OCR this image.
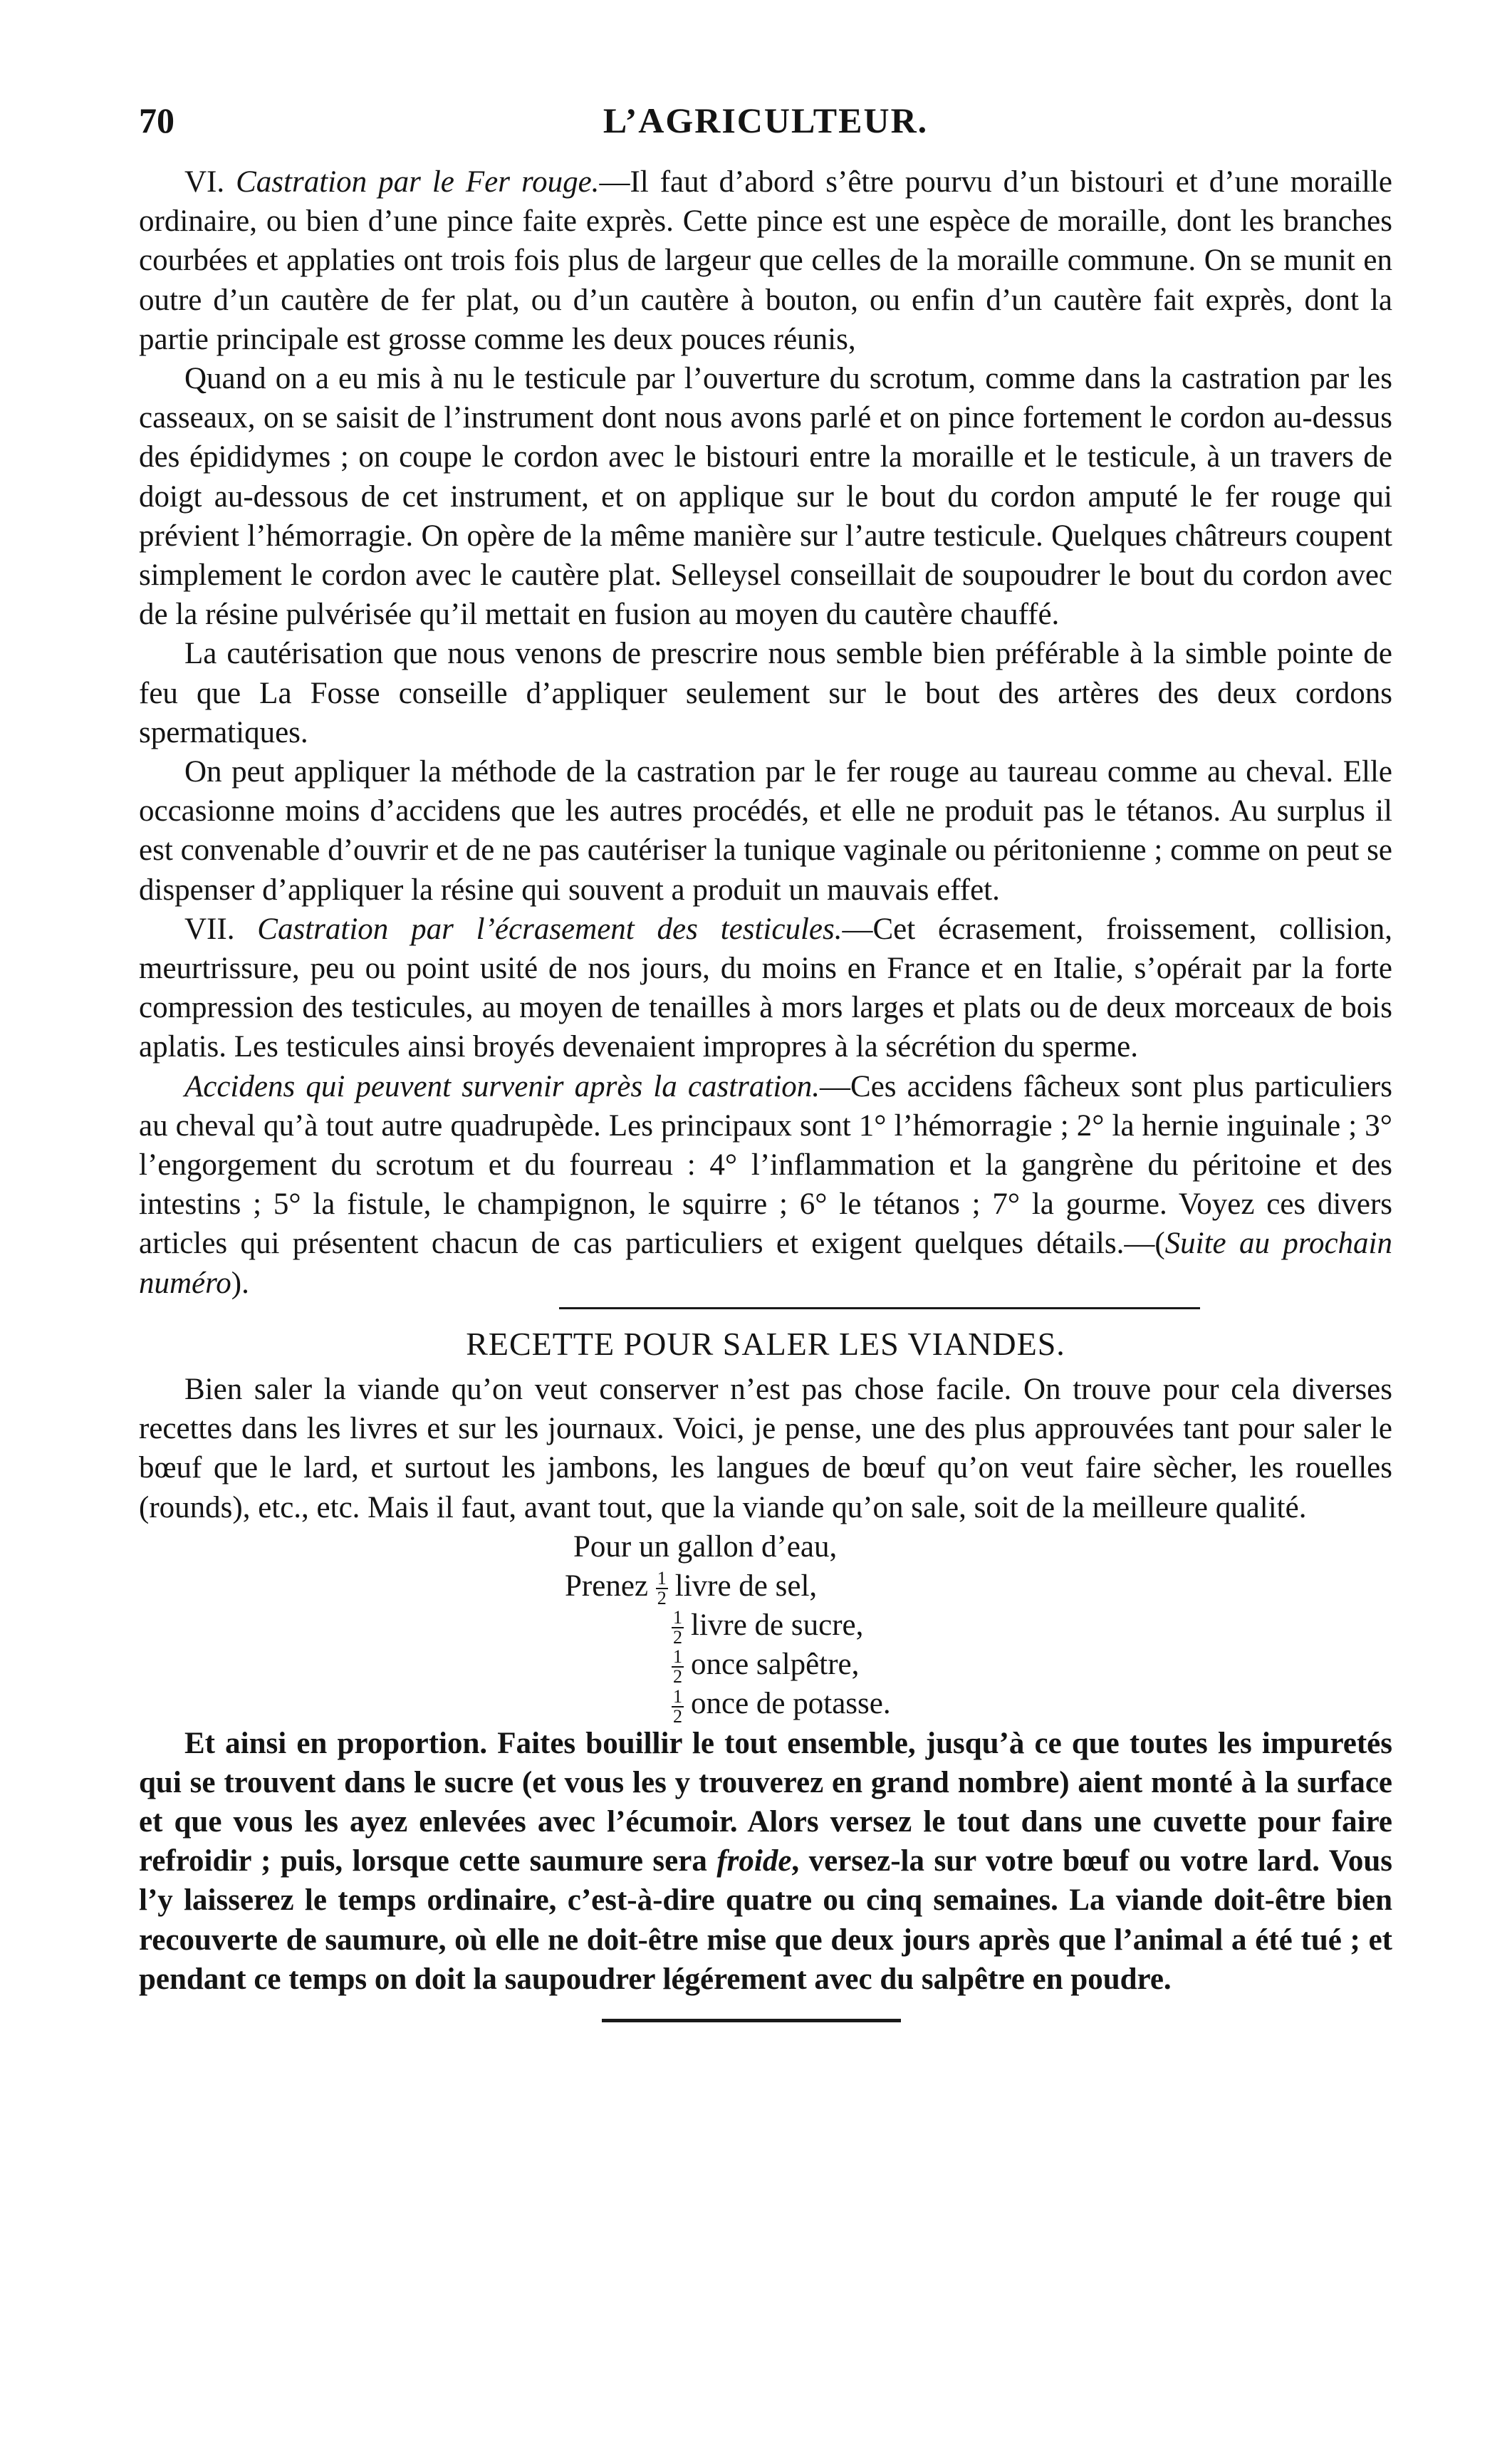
70	L’AGRICULTEUR.

VI. Castration par le Fer rouge.—Il faut d’abord s’être pourvu d’un bistouri et d’une moraille ordinaire, ou bien d’une pince faite exprès. Cette pince est une espèce de moraille, dont les branches courbées et applaties ont trois fois plus de largeur que celles de la moraille commune. On se munit en outre d’un cautère de fer plat, ou d’un cautère à bouton, ou enfin d’un cautère fait exprès, dont la partie principale est grosse comme les deux pouces réunis,

Quand on a eu mis à nu le testicule par l’ouverture du scrotum, comme dans la castration par les casseaux, on se saisit de l’instrument dont nous avons parlé et on pince fortement le cordon au-dessus des épididymes ; on coupe le cordon avec le bistouri entre la moraille et le testicule, à un travers de doigt au-dessous de cet instrument, et on applique sur le bout du cordon amputé le fer rouge qui prévient l’hémorragie. On opère de la même manière sur l’autre testicule. Quelques châtreurs coupent simplement le cordon avec le cautère plat. Selleysel conseillait de soupoudrer le bout du cordon avec de la résine pulvérisée qu’il mettait en fusion au moyen du cautère chauffé.

La cautérisation que nous venons de prescrire nous semble bien préférable à la simble pointe de feu que La Fosse conseille d’appliquer seulement sur le bout des artères des deux cordons spermatiques.

On peut appliquer la méthode de la castration par le fer rouge au taureau comme au cheval. Elle occasionne moins d’accidens que les autres procédés, et elle ne produit pas le tétanos. Au surplus il est convenable d’ouvrir et de ne pas cautériser la tunique vaginale ou péritonienne ; comme on peut se dispenser d’appliquer la résine qui souvent a produit un mauvais effet.

VII. Castration par l’écrasement des testicules.—Cet écrasement, froissement, collision, meurtrissure, peu ou point usité de nos jours, du moins en France et en Italie, s’opérait par la forte compression des testicules, au moyen de tenailles à mors larges et plats ou de deux morceaux de bois aplatis. Les testicules ainsi broyés devenaient impropres à la sécrétion du sperme.

Accidens qui peuvent survenir après la castration.—Ces accidens fâcheux sont plus particuliers au cheval qu’à tout autre quadrupède. Les principaux sont 1° l’hémorragie ; 2° la hernie inguinale ; 3° l’engorgement du scrotum et du fourreau : 4° l’inflammation et la gangrène du péritoine et des intestins ; 5° la fistule, le champignon, le squirre ; 6° le tétanos ; 7° la gourme. Voyez ces divers articles qui présentent chacun de cas particuliers et exigent quelques détails.—(Suite au prochain numéro).

RECETTE POUR SALER LES VIANDES.

Bien saler la viande qu’on veut conserver n’est pas chose facile. On trouve pour cela diverses recettes dans les livres et sur les journaux. Voici, je pense, une des plus approuvées tant pour saler le bœuf que le lard, et surtout les jambons, les langues de bœuf qu’on veut faire sècher, les rouelles (rounds), etc., etc. Mais il faut, avant tout, que la viande qu’on sale, soit de la meilleure qualité.

Pour un gallon d’eau,
Prenez $\frac{1}{2}$ livre de sel,
$\frac{1}{2}$ livre de sucre,
$\frac{1}{2}$ once salpêtre,
$\frac{1}{2}$ once de potasse.

Et ainsi en proportion. Faites bouillir le tout ensemble, jusqu’à ce que toutes les impuretés qui se trouvent dans le sucre (et vous les y trouverez en grand nombre) aient monté à la surface et que vous les ayez enlevées avec l’écumoir. Alors versez le tout dans une cuvette pour faire refroidir ; puis, lorsque cette saumure sera froide, versez-la sur votre bœuf ou votre lard. Vous l’y laisserez le temps ordinaire, c’est-à-dire quatre ou cinq semaines. La viande doit-être bien recouverte de saumure, où elle ne doit-être mise que deux jours après que l’animal a été tué ; et pendant ce temps on doit la saupoudrer légérement avec du salpêtre en poudre.
